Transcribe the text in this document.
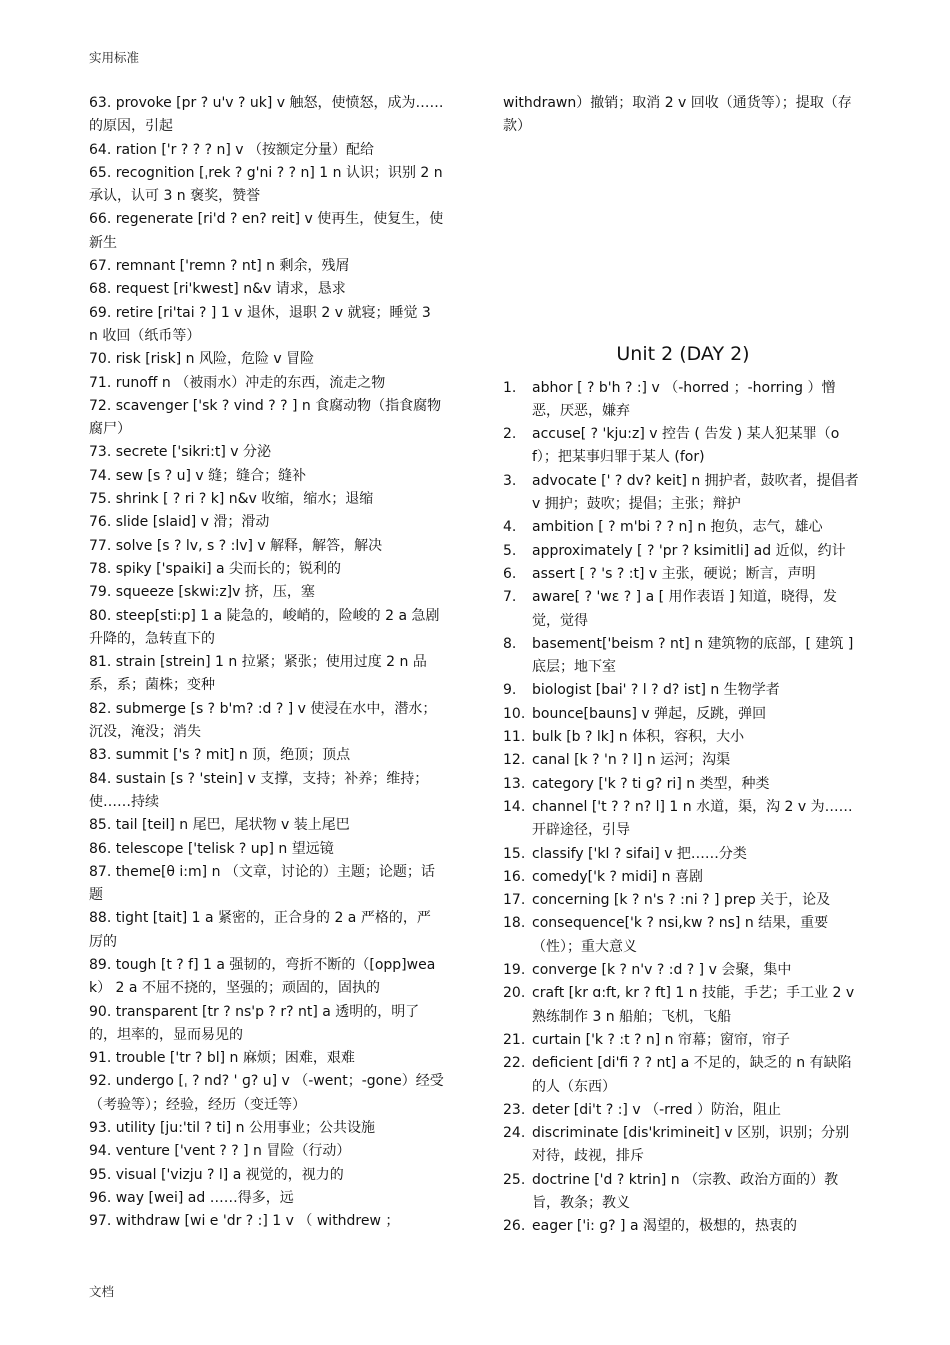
实用标准
63. provoke [pr ? u'v ? uk] v 触怒，使愤怒，成为……的原因，引起
64. ration ['r ? ? ? n] v （按额定分量）配给
65. recognition [ˌrek ? g'ni ? ? n] 1 n 认识；识别 2 n 承认，认可 3 n 褒奖，赞誉
66. regenerate [ri'd ? en? reit] v 使再生，使复生，使新生
67. remnant ['remn ? nt] n 剩余，残屑
68. request [ri'kwest] n&v 请求，恳求
69. retire [ri'tai ? ] 1 v 退休，退职 2 v 就寝；睡觉 3 n 收回（纸币等）
70. risk [risk] n 风险，危险 v 冒险
71. runoff n （被雨水）冲走的东西，流走之物
72. scavenger ['sk ? vind ? ? ] n 食腐动物（指食腐物腐尸）
73. secrete ['sikri:t] v 分泌
74. sew [s ? u] v 缝；缝合；缝补
75. shrink [ ? ri ? k] n&v 收缩，缩水；退缩
76. slide [slaid] v 滑；滑动
77. solve [s ? lv, s ? :lv] v 解释，解答，解决
78. spiky ['spaiki] a 尖而长的；锐利的
79. squeeze [skwi:z]v 挤，压，塞
80. steep[sti:p] 1 a 陡急的，峻峭的，险峻的 2 a 急剧升降的，急转直下的
81. strain [strein] 1 n 拉紧；紧张；使用过度 2 n 品系，系；菌株；变种
82. submerge [s ? b'm? :d ? ] v 使浸在水中，潜水；沉没，淹没；消失
83. summit ['s ? mit] n 顶，绝顶；顶点
84. sustain [s ? 'stein] v 支撑，支持；补养；维持；使……持续
85. tail [teil] n 尾巴，尾状物 v 装上尾巴
86. telescope ['telisk ? up] n 望远镜
87. theme[θ i:m] n （文章，讨论的）主题；论题；话题
88. tight [tait] 1 a 紧密的，正合身的 2 a 严格的，严厉的
89. tough [t ? f] 1 a 强韧的，弯折不断的（[opp]weak） 2 a 不屈不挠的，坚强的；顽固的，固执的
90. transparent [tr ? ns'p ? r? nt] a 透明的，明了的，坦率的，显而易见的
91. trouble ['tr ? bl] n 麻烦；困难，艰难
92. undergo [ˌ ? nd? ' ɡ? u] v （-went；-gone）经受（考验等）；经验，经历（变迁等）
93. utility [ju:'til ? ti] n 公用事业；公共设施
94. venture ['vent ? ? ] n 冒险（行动）
95. visual ['vizju ? l] a 视觉的，视力的
96. way [wei] ad ……得多，远
97. withdraw [wi e 'dr ? :] 1 v （ withdrew ；
withdrawn）撤销；取消 2 v 回收（通货等）；提取（存款）
Unit 2 (DAY 2)
1.	abhor [ ? b'h ? :] v （-horred ；-horring ）憎恶，厌恶，嫌弃
2.	accuse[ ? 'kju:z] v 控告 ( 告发 ) 某人犯某罪（of）；把某事归罪于某人 (for)
3.	advocate [' ? dv? keit] n 拥护者，鼓吹者，提倡者 v 拥护；鼓吹；提倡；主张；辩护
4.	ambition [ ? m'bi ? ? n] n 抱负，志气，雄心
5.	approximately [ ? 'pr ? ksimitli] ad 近似，约计
6.	assert [ ? 's ? :t] v 主张，硬说；断言，声明
7.	aware[ ? 'wɛ ? ] a [ 用作表语 ] 知道，晓得，发觉，觉得
8.	basement['beism ? nt] n 建筑物的底部，[ 建筑 ] 底层；地下室
9.	biologist [bai' ? l ? d? ist] n 生物学者
10. bounce[bauns] v 弹起，反跳，弹回
11. bulk [b ? lk] n 体积，容积，大小
12. canal [k ? 'n ? l] n 运河；沟渠
13. category ['k ? ti ɡ? ri] n 类型，种类
14. channel ['t ? ? n? l] 1 n 水道，渠，沟 2 v 为……开辟途径，引导
15. classify ['kl ? sifai] v 把……分类
16. comedy['k ? midi] n 喜剧
17. concerning [k ? n's ? :ni ? ] prep 关于，论及
18. consequence['k ? nsi,kw ? ns] n 结果，重要（性）；重大意义
19. converge [k ? n'v ? :d ? ] v 会聚，集中
20. craft [kr ɑ:ft, kr ? ft] 1 n 技能，手艺；手工业 2 v 熟练制作 3 n 船舶；飞机，飞船
21. curtain ['k ? :t ? n] n 帘幕；窗帘，帘子
22. deficient [di'fi ? ? nt] a 不足的，缺乏的 n 有缺陷的人（东西）
23. deter [di't ? :] v （-rred ）防治，阻止
24. discriminate [dis'krimineit] v 区别，识别；分别对待，歧视，排斥
25. doctrine ['d ? ktrin] n （宗教、政治方面的）教旨，教条；教义
26. eager ['i: ɡ? ] a 渴望的，极想的，热衷的
文档
